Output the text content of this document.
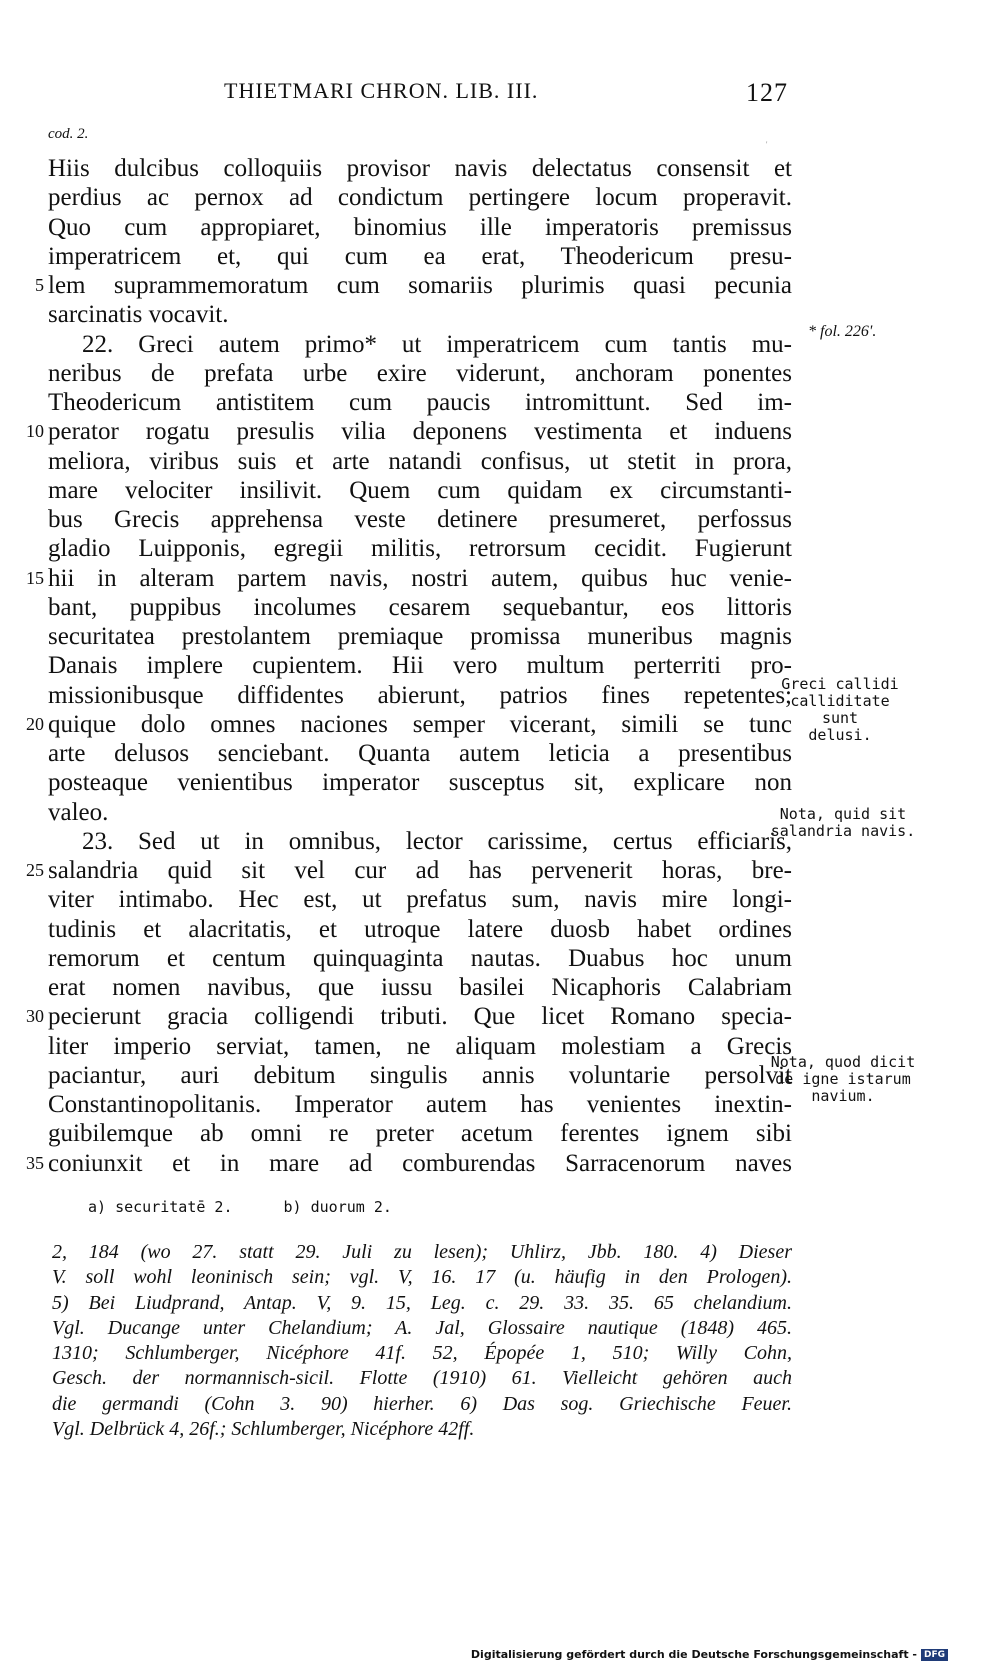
THIETMARI CHRON. LIB. III.	127
cod. 2.
'
Hiis dulcibus colloquiis provisor navis delectatus consensit et
perdius ac pernox ad condictum pertingere locum properavit.
Quo cum appropiaret, binomius ille imperatoris premissus
imperatricem et, qui cum ea erat, Theodericum presu-
5 lem suprammemoratum cum somariis plurimis quasi pecunia
sarcinatis vocavit.
22. Greci autem primo* ut imperatricem cum tantis mu-
neribus de prefata urbe exire viderunt, anchoram ponentes
Theodericum antistitem cum paucis intromittunt. Sed im-
10 perator rogatu presulis vilia deponens vestimenta et induens
meliora, viribus suis et arte natandi confisus, ut stetit in prora,
mare velociter insilivit. Quem cum quidam ex circumstanti-
bus Grecis apprehensa veste detinere presumeret, perfossus
gladio Luipponis, egregii militis, retrorsum cecidit. Fugierunt
15 hii in alteram partem navis, nostri autem, quibus huc venie-
bant, puppibus incolumes cesarem sequebantur, eos littoris
securitatea prestolantem premiaque promissa muneribus magnis
Danais implere cupientem. Hii vero multum perterriti pro-
missionibusque diffidentes abierunt, patrios fines repetentes;
20 quique dolo omnes naciones semper vicerant, simili se tunc
arte delusos senciebant. Quanta autem leticia a presentibus
posteaque venientibus imperator susceptus sit, explicare non
valeo.
23. Sed ut in omnibus, lector carissime, certus efficiaris,
25 salandria quid sit vel cur ad has pervenerit horas, bre-
viter intimabo. Hec est, ut prefatus sum, navis mire longi-
tudinis et alacritatis, et utroque latere duosb habet ordines
remorum et centum quinquaginta nautas. Duabus hoc unum
erat nomen navibus, que iussu basilei Nicaphoris Calabriam
30 pecierunt gracia colligendi tributi. Que licet Romano specia-
liter imperio serviat, tamen, ne aliquam molestiam a Grecis
paciantur, auri debitum singulis annis voluntarie persolvit
Constantinopolitanis. Imperator autem has venientes inextin-
guibilemque ab omni re preter acetum ferentes ignem sibi
35 coniunxit et in mare ad comburendas Sarracenorum naves
* fol. 226'.
Greci callidi
calliditate sunt
delusi.
Nota, quid sit
salandria navis.
Nota, quod dicit
de igne istarum
navium.
a) securitatē 2.	b) duorum 2.
2, 184 (wo 27. statt 29. Juli zu lesen); Uhlirz, Jbb. 180. 4) Dieser
V. soll wohl leoninisch sein; vgl. V, 16. 17 (u. häufig in den Prologen).
5) Bei Liudprand, Antap. V, 9. 15, Leg. c. 29. 33. 35. 65 chelandium.
Vgl. Ducange unter Chelandium; A. Jal, Glossaire nautique (1848) 465.
1310; Schlumberger, Nicéphore 41f. 52, Épopée 1, 510; Willy Cohn,
Gesch. der normannisch-sicil. Flotte (1910) 61. Vielleicht gehören auch
die germandi (Cohn 3. 90) hierher. 6) Das sog. Griechische Feuer.
Vgl. Delbrück 4, 26f.; Schlumberger, Nicéphore 42ff.
Digitalisierung gefördert durch die Deutsche Forschungsgemeinschaft - DFG
